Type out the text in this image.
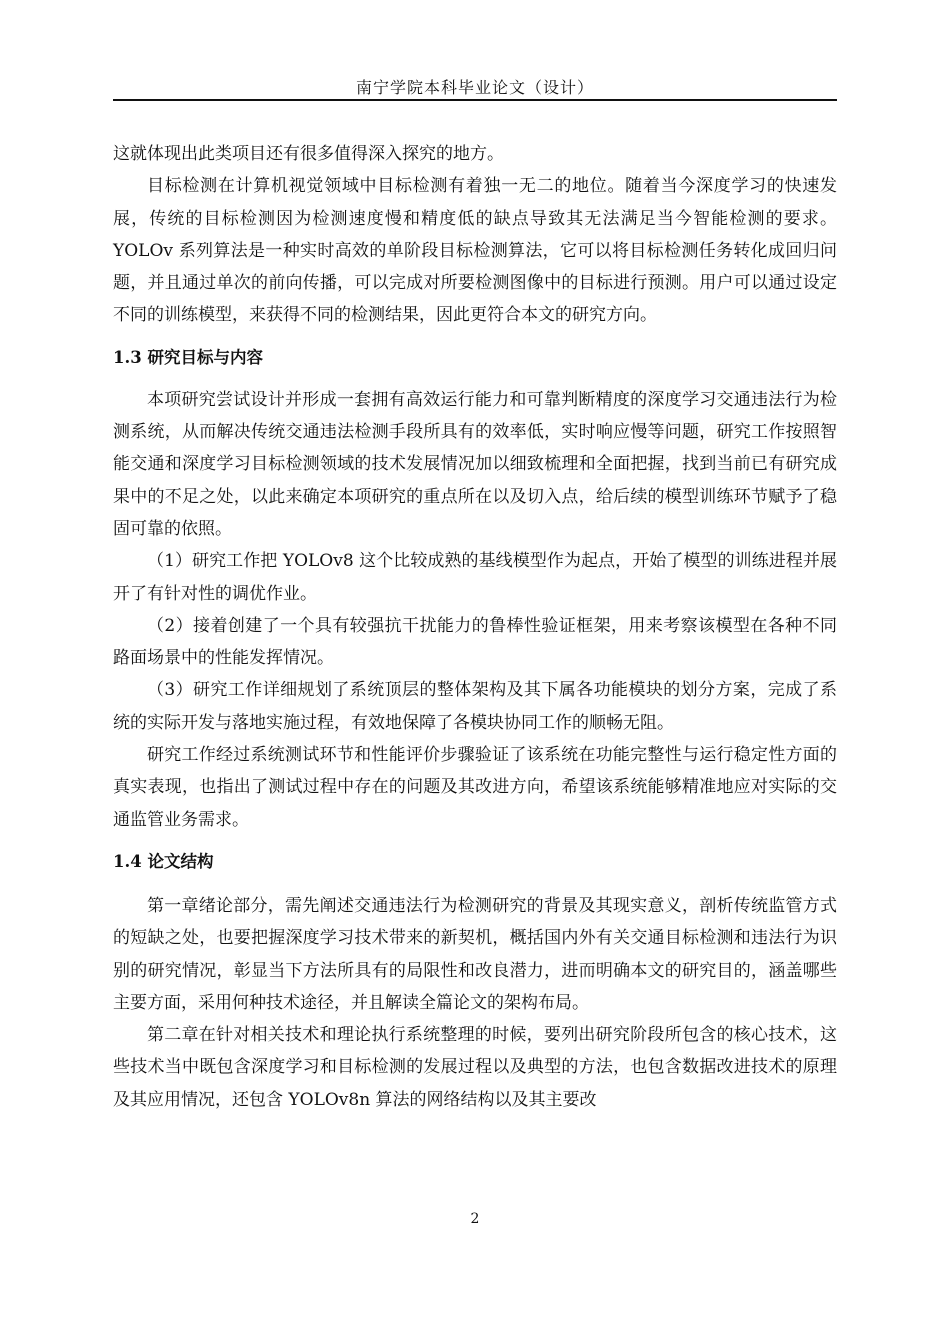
南宁学院本科毕业论文（设计）

这就体现出此类项目还有很多值得深入探究的地方。

目标检测在计算机视觉领域中目标检测有着独一无二的地位。随着当今深度学习的快速发展，传统的目标检测因为检测速度慢和精度低的缺点导致其无法满足当今智能检测的要求。YOLOv 系列算法是一种实时高效的单阶段目标检测算法，它可以将目标检测任务转化成回归问题，并且通过单次的前向传播，可以完成对所要检测图像中的目标进行预测。用户可以通过设定不同的训练模型，来获得不同的检测结果，因此更符合本文的研究方向。

1.3 研究目标与内容

本项研究尝试设计并形成一套拥有高效运行能力和可靠判断精度的深度学习交通违法行为检测系统，从而解决传统交通违法检测手段所具有的效率低，实时响应慢等问题，研究工作按照智能交通和深度学习目标检测领域的技术发展情况加以细致梳理和全面把握，找到当前已有研究成果中的不足之处，以此来确定本项研究的重点所在以及切入点，给后续的模型训练环节赋予了稳固可靠的依照。

（1）研究工作把 YOLOv8 这个比较成熟的基线模型作为起点，开始了模型的训练进程并展开了有针对性的调优作业。

（2）接着创建了一个具有较强抗干扰能力的鲁棒性验证框架，用来考察该模型在各种不同路面场景中的性能发挥情况。

（3）研究工作详细规划了系统顶层的整体架构及其下属各功能模块的划分方案，完成了系统的实际开发与落地实施过程，有效地保障了各模块协同工作的顺畅无阻。

研究工作经过系统测试环节和性能评价步骤验证了该系统在功能完整性与运行稳定性方面的真实表现，也指出了测试过程中存在的问题及其改进方向，希望该系统能够精准地应对实际的交通监管业务需求。

1.4 论文结构

第一章绪论部分，需先阐述交通违法行为检测研究的背景及其现实意义，剖析传统监管方式的短缺之处，也要把握深度学习技术带来的新契机，概括国内外有关交通目标检测和违法行为识别的研究情况，彰显当下方法所具有的局限性和改良潜力，进而明确本文的研究目的，涵盖哪些主要方面，采用何种技术途径，并且解读全篇论文的架构布局。

第二章在针对相关技术和理论执行系统整理的时候，要列出研究阶段所包含的核心技术，这些技术当中既包含深度学习和目标检测的发展过程以及典型的方法，也包含数据改进技术的原理及其应用情况，还包含 YOLOv8n 算法的网络结构以及其主要改

2
